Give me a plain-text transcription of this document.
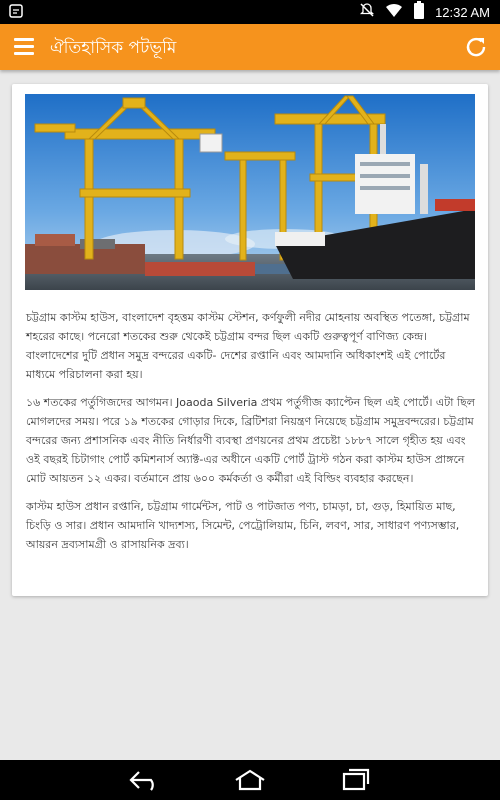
12:32 AM
ঐতিহাসিক পটভূমি

চট্টগ্রাম কাস্টম হাউস, বাংলাদেশ বৃহত্তম কাস্টম স্টেশন, কর্ণফুলী নদীর মোহনায় অবস্থিত পতেঙ্গা, চট্টগ্রাম শহরের কাছে। পনেরো শতকের শুরু থেকেই চট্টগ্রাম বন্দর ছিল একটি গুরুত্বপূর্ণ বাণিজ্য কেন্দ্র। বাংলাদেশের দুটি প্রধান সমুদ্র বন্দরের একটি- দেশের রপ্তানি এবং আমদানি অধিকাংশই এই পোর্টের মাধ্যমে পরিচালনা করা হয়।

১৬ শতকের পর্তুগিজদের আগমন। Joaoda Silveria প্রথম পর্তুগীজ ক্যাপ্টেন ছিল এই পোর্টে। এটা ছিল মোগলদের সময়। পরে ১৯ শতকের গোড়ার দিকে, ব্রিটিশরা নিয়ন্ত্রণ নিয়েছে চট্টগ্রাম সমুদ্রবন্দরের। চট্টগ্রাম বন্দরের জন্য প্রশাসনিক এবং নীতি নির্ধারণী ব্যবস্থা প্রণয়নের প্রথম প্রচেষ্টা ১৮৮৭ সালে গৃহীত হয় এবং ওই বছরই চিটাগাং পোর্ট কমিশনার্স অ্যাক্ট-এর অধীনে একটি পোর্ট ট্রাস্ট গঠন করা কাস্টম হাউস প্রাঙ্গনে মোট আয়তন ১২ একর। বর্তমানে প্রায় ৬০০ কর্মকর্তা ও কর্মীরা এই বিল্ডিং ব্যবহার করছেন।

কাস্টম হাউস প্রধান রপ্তানি, চট্টগ্রাম গার্মেন্টস, পাট ও পাটজাত পণ্য, চামড়া, চা, গুড়, হিমায়িত মাছ, চিংড়ি ও সার। প্রধান আমদানি খাদ্যশস্য, সিমেন্ট, পেট্রোলিয়াম, চিনি, লবণ, সার, সাধারণ পণ্যসম্ভার, আয়রন দ্রব্যসামগ্রী ও রাসায়নিক দ্রব্য।
